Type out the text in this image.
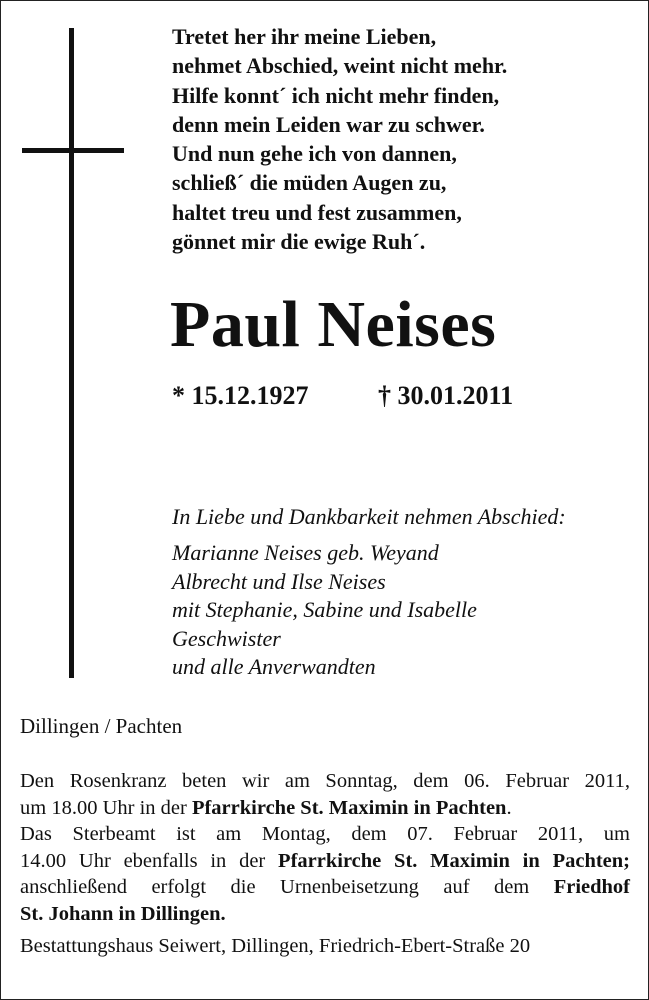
Tretet her ihr meine Lieben,
nehmet Abschied, weint nicht mehr.
Hilfe konnt´ ich nicht mehr finden,
denn mein Leiden war zu schwer.
Und nun gehe ich von dannen,
schließ´ die müden Augen zu,
haltet treu und fest zusammen,
gönnet mir die ewige Ruh´.
Paul Neises
* 15.12.1927	† 30.01.2011
In Liebe und Dankbarkeit nehmen Abschied:
Marianne Neises geb. Weyand
Albrecht und Ilse Neises
mit Stephanie, Sabine und Isabelle
Geschwister
und alle Anverwandten
Dillingen / Pachten
Den Rosenkranz beten wir am Sonntag, dem 06. Februar 2011,
um 18.00 Uhr in der Pfarrkirche St. Maximin in Pachten.
Das Sterbeamt ist am Montag, dem 07. Februar 2011, um
14.00 Uhr ebenfalls in der Pfarrkirche St. Maximin in Pachten;
anschließend erfolgt die Urnenbeisetzung auf dem Friedhof
St. Johann in Dillingen.
Bestattungshaus Seiwert, Dillingen, Friedrich-Ebert-Straße 20
